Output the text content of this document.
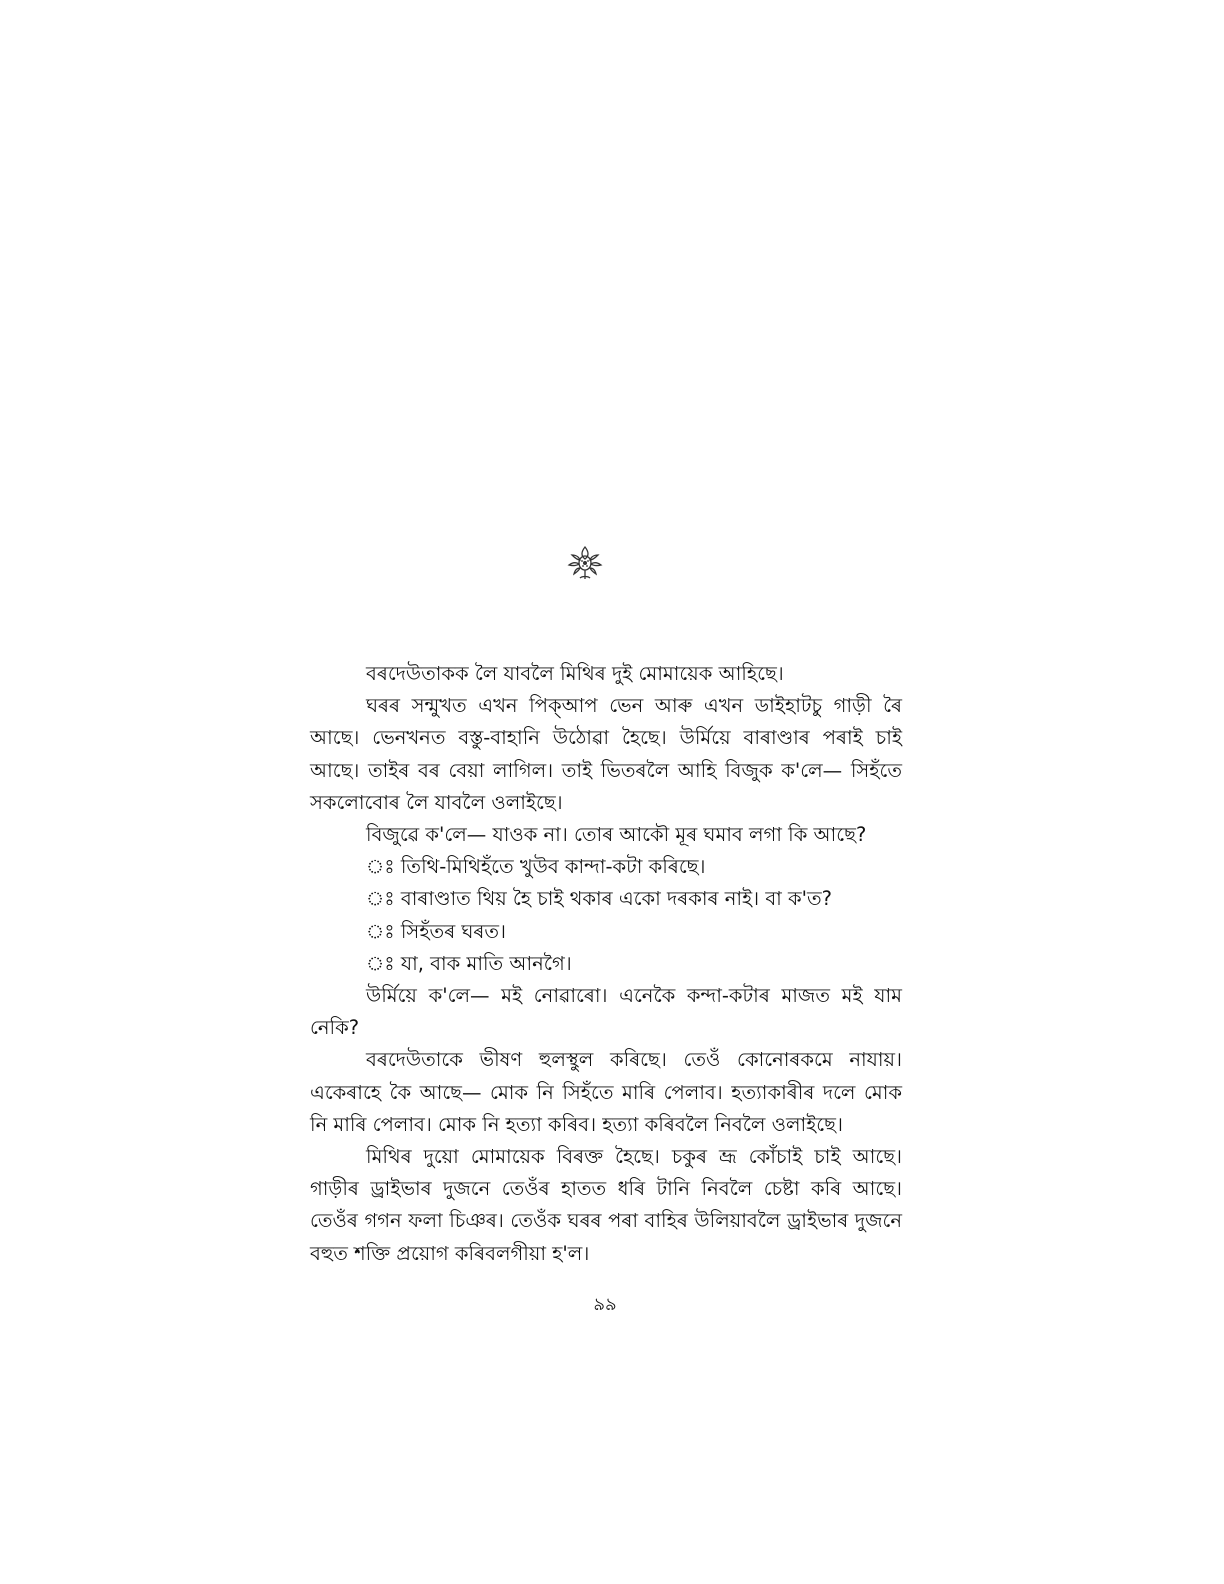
বৰদেউতাকক লৈ যাবলৈ মিথিৰ দুই মোমায়েক আহিছে।

ঘৰৰ সন্মুখত এখন পিক্‌আপ ভেন আৰু এখন ডাইহাটচু গাড়ী ৰৈ আছে। ভেনখনত বস্তু-বাহানি উঠোৱা হৈছে। উৰ্মিয়ে বাৰাণ্ডাৰ পৰাই চাই আছে। তাইৰ বৰ বেয়া লাগিল। তাই ভিতৰলৈ আহি বিজুক ক'লে— সিহঁতে সকলোবোৰ লৈ যাবলৈ ওলাইছে।

বিজুৱে ক'লে— যাওক না। তোৰ আকৌ মূৰ ঘমাব লগা কি আছে?

ঃ তিথি-মিথিহঁতে খুউব কান্দা-কটা কৰিছে।

ঃ বাৰাণ্ডাত থিয় হৈ চাই থকাৰ একো দৰকাৰ নাই। বা ক'ত?

ঃ সিহঁতৰ ঘৰত।

ঃ যা, বাক মাতি আনগৈ।

উৰ্মিয়ে ক'লে— মই নোৱাৰো। এনেকৈ কন্দা-কটাৰ মাজত মই যাম নেকি?

বৰদেউতাকে ভীষণ হুলস্থুল কৰিছে। তেওঁ কোনোৰকমে নাযায়। একেৰাহে কৈ আছে— মোক নি সিহঁতে মাৰি পেলাব। হত্যাকাৰীৰ দলে মোক নি মাৰি পেলাব। মোক নি হত্যা কৰিব। হত্যা কৰিবলৈ নিবলৈ ওলাইছে।

মিথিৰ দুয়ো মোমায়েক বিৰক্ত হৈছে। চকুৰ ভ্ৰূ কোঁচাই চাই আছে। গাড়ীৰ ড্ৰাইভাৰ দুজনে তেওঁৰ হাতত ধৰি টানি নিবলৈ চেষ্টা কৰি আছে। তেওঁৰ গগন ফলা চিঞৰ। তেওঁক ঘৰৰ পৰা বাহিৰ উলিয়াবলৈ ড্ৰাইভাৰ দুজনে বহুত শক্তি প্ৰয়োগ কৰিবলগীয়া হ'ল।

৯৯
